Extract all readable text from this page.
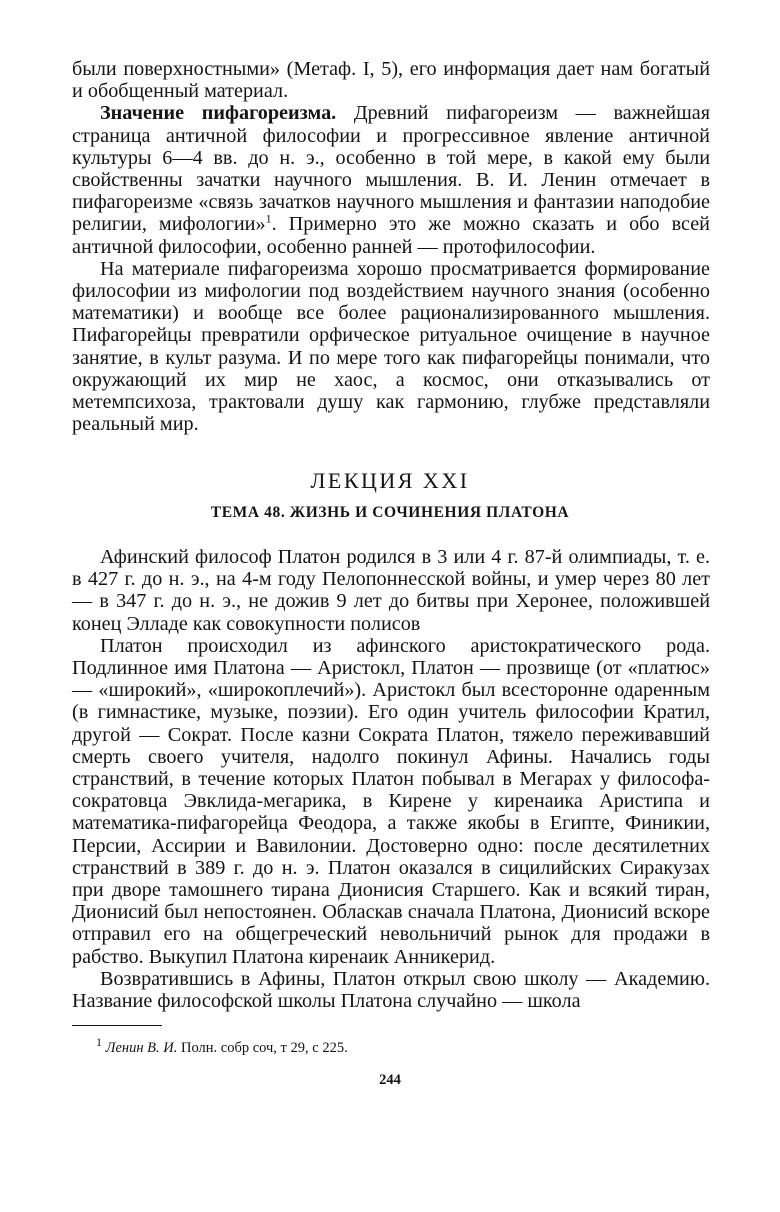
были поверхностными» (Метаф. I, 5), его информация дает нам богатый и обобщенный материал.

Значение пифагореизма. Древний пифагореизм — важнейшая страница античной философии и прогрессивное явление античной культуры 6—4 вв. до н. э., особенно в той мере, в какой ему были свойственны зачатки научного мышления. В. И. Ленин отмечает в пифагореизме «связь зачатков научного мышления и фантазии наподобие религии, мифологии»$^1$. Примерно это же можно сказать и обо всей античной философии, особенно ранней — протофилософии.

На материале пифагореизма хорошо просматривается формирование философии из мифологии под воздействием научного знания (особенно математики) и вообще все более рационализированного мышления. Пифагорейцы превратили орфическое ритуальное очищение в научное занятие, в культ разума. И по мере того как пифагорейцы понимали, что окружающий их мир не хаос, а космос, они отказывались от метемпсихоза, трактовали душу как гармонию, глубже представляли реальный мир.

ЛЕКЦИЯ XXI
ТЕМА 48. ЖИЗНЬ И СОЧИНЕНИЯ ПЛАТОНА

Афинский философ Платон родился в 3 или 4 г. 87-й олимпиады, т. е. в 427 г. до н. э., на 4-м году Пелопоннесской войны, и умер через 80 лет — в 347 г. до н. э., не дожив 9 лет до битвы при Херонее, положившей конец Элладе как совокупности полисов

Платон происходил из афинского аристократического рода. Подлинное имя Платона — Аристокл, Платон — прозвище (от «платюс» — «широкий», «широкоплечий»). Аристокл был всесторонне одаренным (в гимнастике, музыке, поэзии). Его один учитель философии Кратил, другой — Сократ. После казни Сократа Платон, тяжело переживавший смерть своего учителя, надолго покинул Афины. Начались годы странствий, в течение которых Платон побывал в Мегарах у философа-сократовца Эвклида-мегарика, в Кирене у киренаика Аристипа и математика-пифагорейца Феодора, а также якобы в Египте, Финикии, Персии, Ассирии и Вавилонии. Достоверно одно: после десятилетних странствий в 389 г. до н. э. Платон оказался в сицилийских Сиракузах при дворе тамошнего тирана Дионисия Старшего. Как и всякий тиран, Дионисий был непостоянен. Обласкав сначала Платона, Дионисий вскоре отправил его на общегреческий невольничий рынок для продажи в рабство. Выкупил Платона киренаик Анникерид.

Возвратившись в Афины, Платон открыл свою школу — Академию. Название философской школы Платона случайно — школа

$^1$ Ленин В. И. Полн. собр соч, т 29, с 225.
244
